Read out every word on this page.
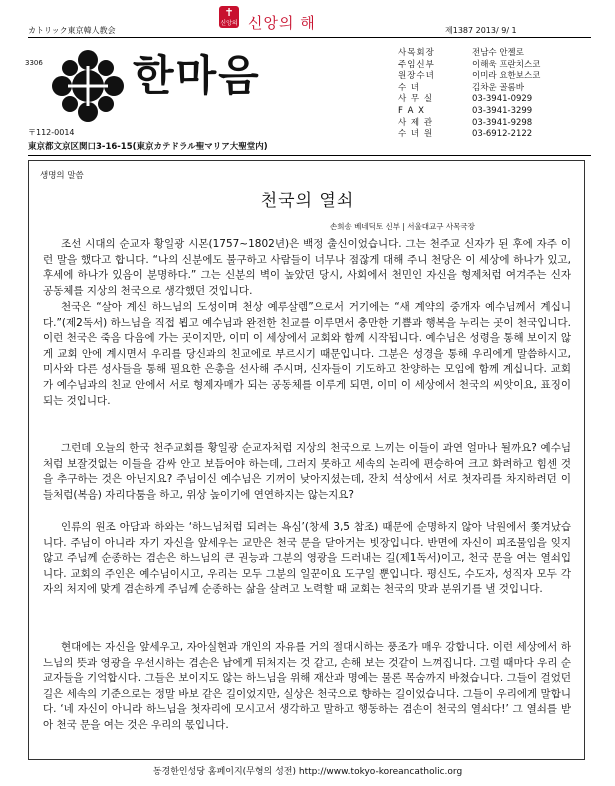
カトリック東京韓人教会
✝
신앙의 해
신앙의 해	제1387 2013/ 9/ 1
3306 한마음
〒112-0014
東京都文京区関口3-16-15(東京カテドラル聖マリア大聖堂内)
사목회장	전남수 안젤로
주임신부	이해욱 프란치스코
원장수녀	이미라 요한보스코
수 녀	김차운 골롬바
사 무 실	03-3941-0929
F A X	03-3941-3299
사 제 관	03-3941-9298
수 녀 원	03-6912-2122
생명의 말씀
천국의 열쇠
손희송 베네딕토 신부 | 서울대교구 사목국장

조선 시대의 순교자 황일광 시몬(1757~1802년)은 백정 출신이었습니다. 그는 천주교 신자가 된 후에 자주 이런 말을 했다고 합니다. “나의 신분에도 불구하고 사람들이 너무나 점잖게 대해 주니 천당은 이 세상에 하나가 있고, 후세에 하나가 있음이 분명하다.” 그는 신분의 벽이 높았던 당시, 사회에서 천민인 자신을 형제처럼 여겨주는 신자 공동체를 지상의 천국으로 생각했던 것입니다.

천국은 “살아 계신 하느님의 도성이며 천상 예루살렘”으로서 거기에는 “새 계약의 중개자 예수님께서 계십니다.”(제2독서) 하느님을 직접 뵙고 예수님과 완전한 친교를 이루면서 충만한 기쁨과 행복을 누리는 곳이 천국입니다. 이런 천국은 죽음 다음에 가는 곳이지만, 이미 이 세상에서 교회와 함께 시작됩니다. 예수님은 성령을 통해 보이지 않게 교회 안에 계시면서 우리를 당신과의 친교에로 부르시기 때문입니다. 그분은 성경을 통해 우리에게 말씀하시고, 미사와 다른 성사들을 통해 필요한 은총을 선사해 주시며, 신자들이 기도하고 찬양하는 모임에 함께 계십니다. 교회가 예수님과의 친교 안에서 서로 형제자매가 되는 공동체를 이루게 되면, 이미 이 세상에서 천국의 씨앗이요, 표징이 되는 것입니다.

그런데 오늘의 한국 천주교회를 황일광 순교자처럼 지상의 천국으로 느끼는 이들이 과연 얼마나 될까요? 예수님처럼 보잘것없는 이들을 감싸 안고 보듬어야 하는데, 그러지 못하고 세속의 논리에 편승하여 크고 화려하고 힘센 것을 추구하는 것은 아닌지요? 주님이신 예수님은 기꺼이 낮아지셨는데, 잔치 석상에서 서로 첫자리를 차지하려던 이들처럼(복음) 자리다툼을 하고, 위상 높이기에 연연하지는 않는지요?

인류의 원조 아담과 하와는 ‘하느님처럼 되려는 욕심’(창세 3,5 참조) 때문에 순명하지 않아 낙원에서 쫓겨났습니다. 주님이 아니라 자기 자신을 앞세우는 교만은 천국 문을 닫아거는 빗장입니다. 반면에 자신이 피조물임을 잊지 않고 주님께 순종하는 겸손은 하느님의 큰 권능과 그분의 영광을 드러내는 길(제1독서)이고, 천국 문을 여는 열쇠입니다. 교회의 주인은 예수님이시고, 우리는 모두 그분의 일꾼이요 도구일 뿐입니다. 평신도, 수도자, 성직자 모두 각자의 처지에 맞게 겸손하게 주님께 순종하는 삶을 살려고 노력할 때 교회는 천국의 맛과 분위기를 낼 것입니다.

현대에는 자신을 앞세우고, 자아실현과 개인의 자유를 거의 절대시하는 풍조가 매우 강합니다. 이런 세상에서 하느님의 뜻과 영광을 우선시하는 겸손은 남에게 뒤처지는 것 같고, 손해 보는 것같이 느껴집니다. 그럴 때마다 우리 순교자들을 기억합시다. 그들은 보이지도 않는 하느님을 위해 재산과 명예는 물론 목숨까지 바쳤습니다. 그들이 걸었던 길은 세속의 기준으로는 정말 바보 같은 길이었지만, 실상은 천국으로 향하는 길이었습니다. 그들이 우리에게 말합니다. ‘네 자신이 아니라 하느님을 첫자리에 모시고서 생각하고 말하고 행동하는 겸손이 천국의 열쇠다!’ 그 열쇠를 받아 천국 문을 여는 것은 우리의 몫입니다.

동경한인성당 홈페이지(무형의 성전) http://www.tokyo-koreancatholic.org
